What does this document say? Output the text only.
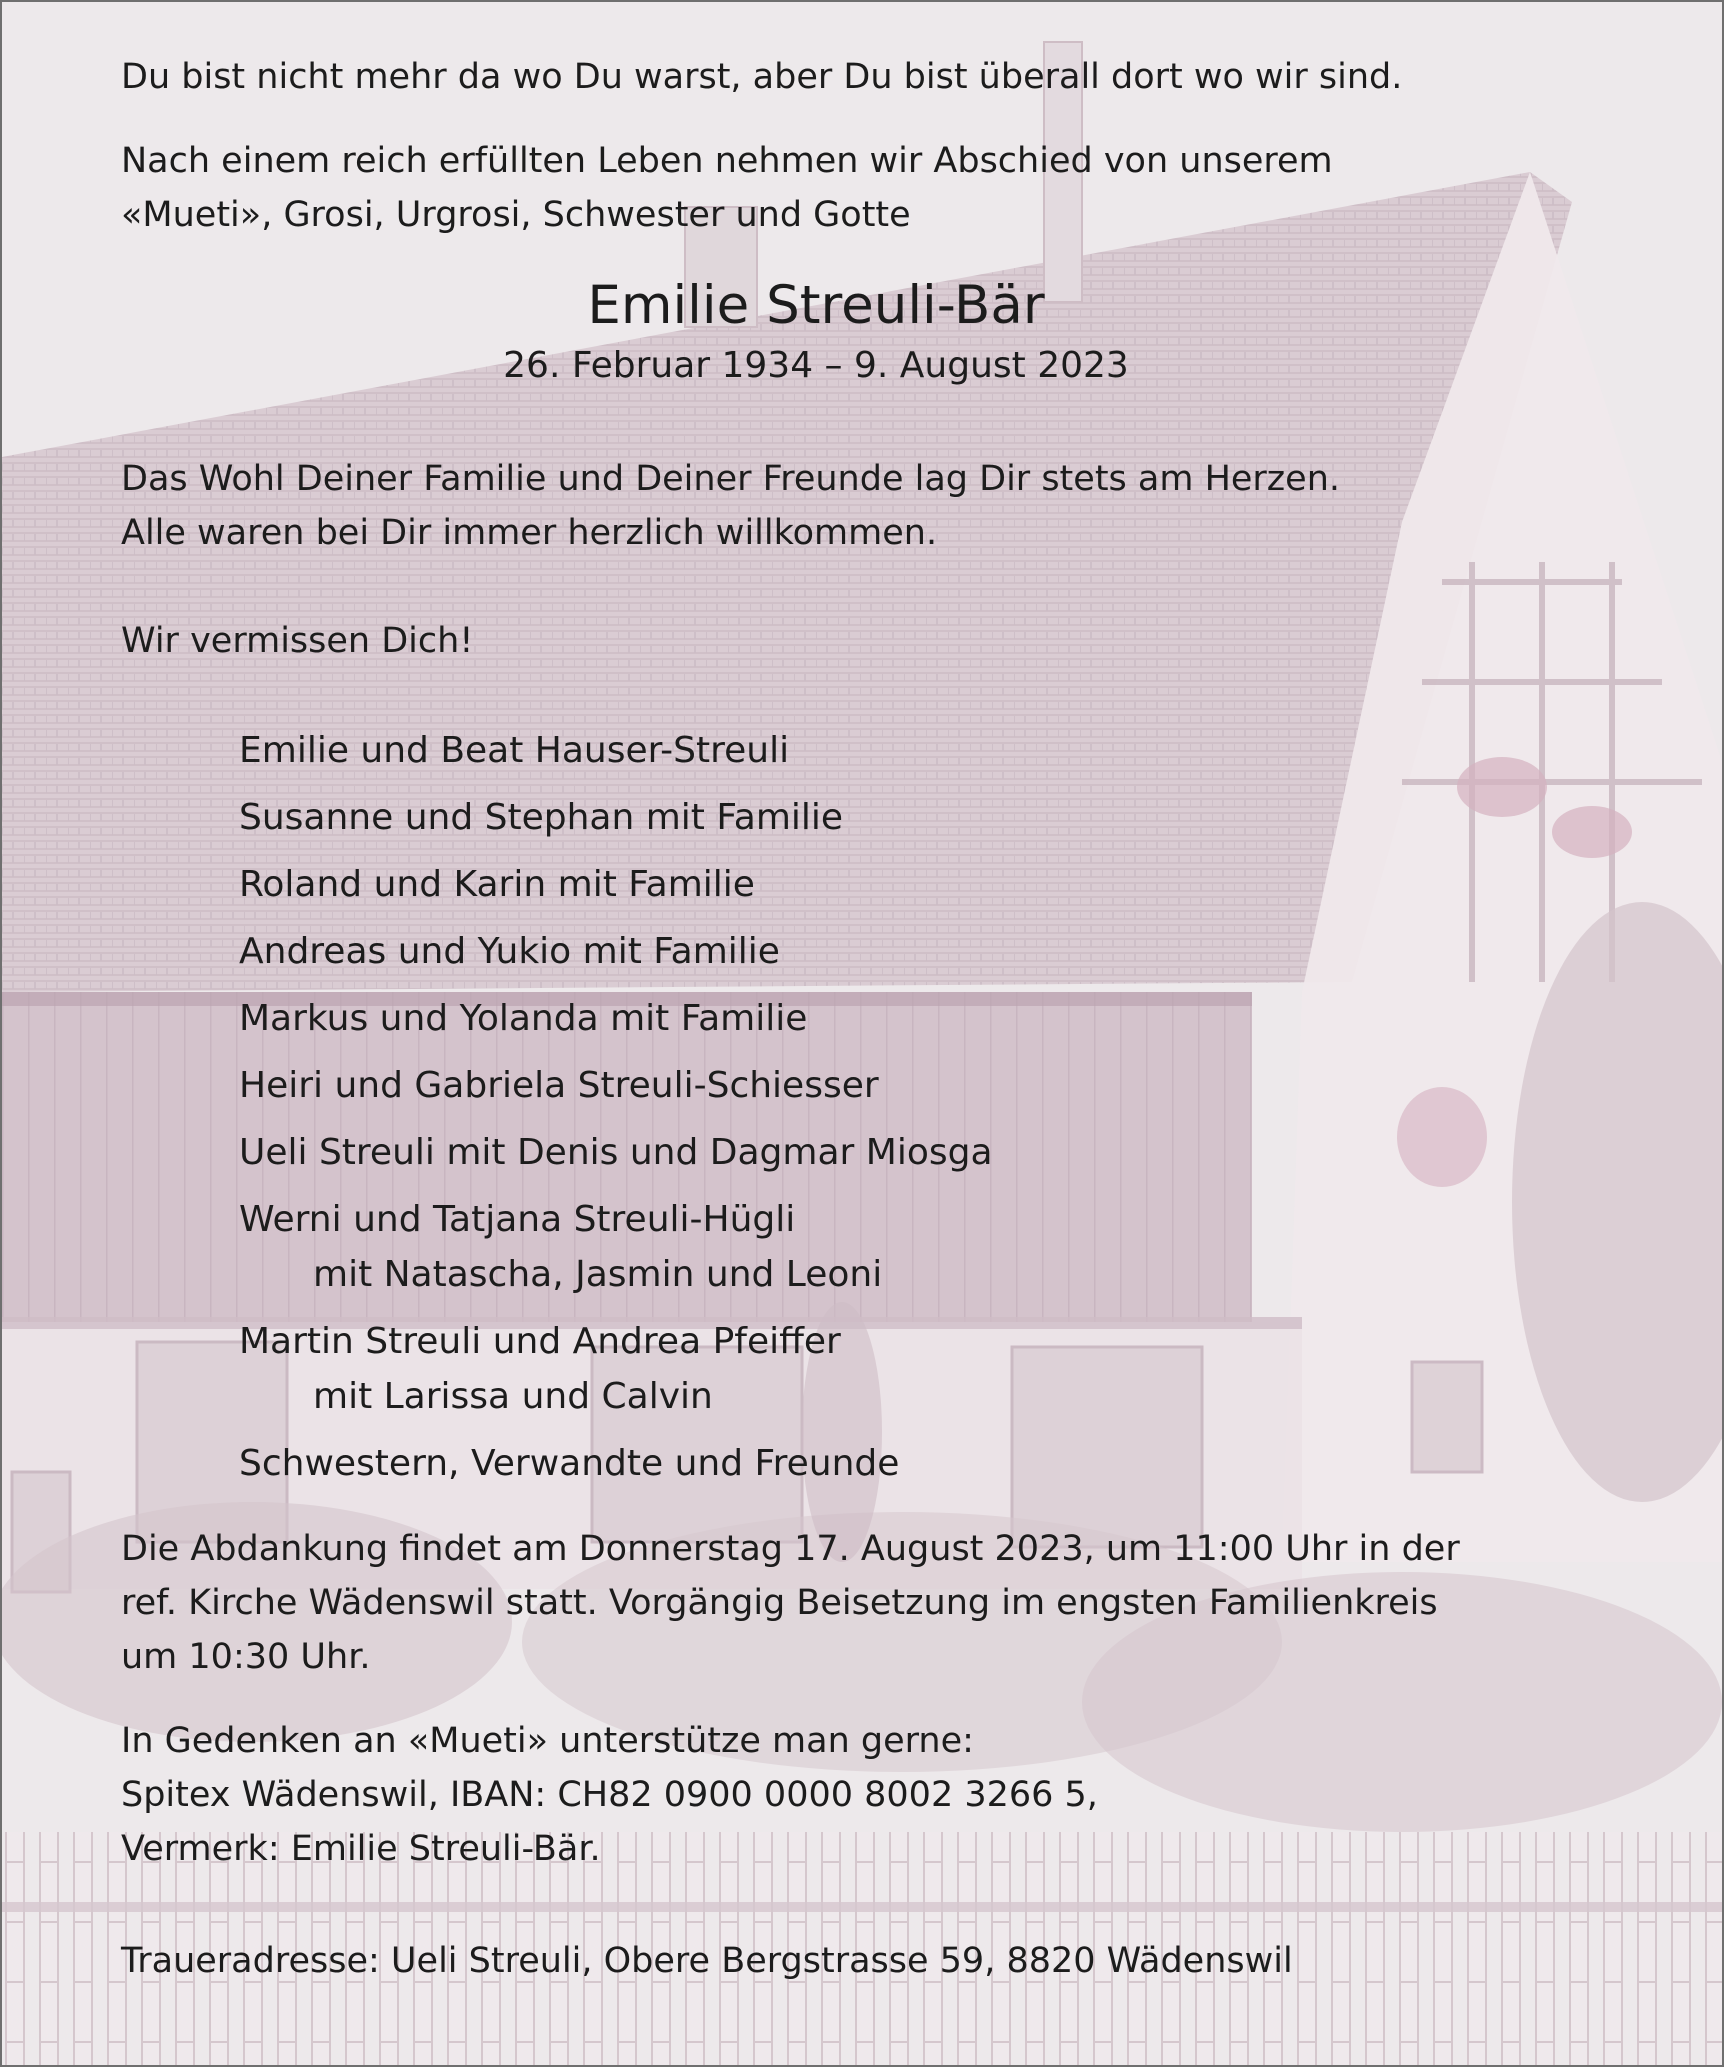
Du bist nicht mehr da wo Du warst, aber Du bist überall dort wo wir sind.

Nach einem reich erfüllten Leben nehmen wir Abschied von unserem
«Mueti», Grosi, Urgrosi, Schwester und Gotte

Emilie Streuli-Bär

26. Februar 1934 – 9. August 2023

Das Wohl Deiner Familie und Deiner Freunde lag Dir stets am Herzen.
Alle waren bei Dir immer herzlich willkommen.

Wir vermissen Dich!

Emilie und Beat Hauser-Streuli
Susanne und Stephan mit Familie
Roland und Karin mit Familie
Andreas und Yukio mit Familie
Markus und Yolanda mit Familie
Heiri und Gabriela Streuli-Schiesser
Ueli Streuli mit Denis und Dagmar Miosga
Werni und Tatjana Streuli-Hügli
mit Natascha, Jasmin und Leoni
Martin Streuli und Andrea Pfeiffer
mit Larissa und Calvin
Schwestern, Verwandte und Freunde

Die Abdankung findet am Donnerstag 17. August 2023, um 11:00 Uhr in der
ref. Kirche Wädenswil statt. Vorgängig Beisetzung im engsten Familienkreis
um 10:30 Uhr.

In Gedenken an «Mueti» unterstütze man gerne:
Spitex Wädenswil, IBAN: CH82 0900 0000 8002 3266 5,
Vermerk: Emilie Streuli-Bär.

Traueradresse: Ueli Streuli, Obere Bergstrasse 59, 8820 Wädenswil
